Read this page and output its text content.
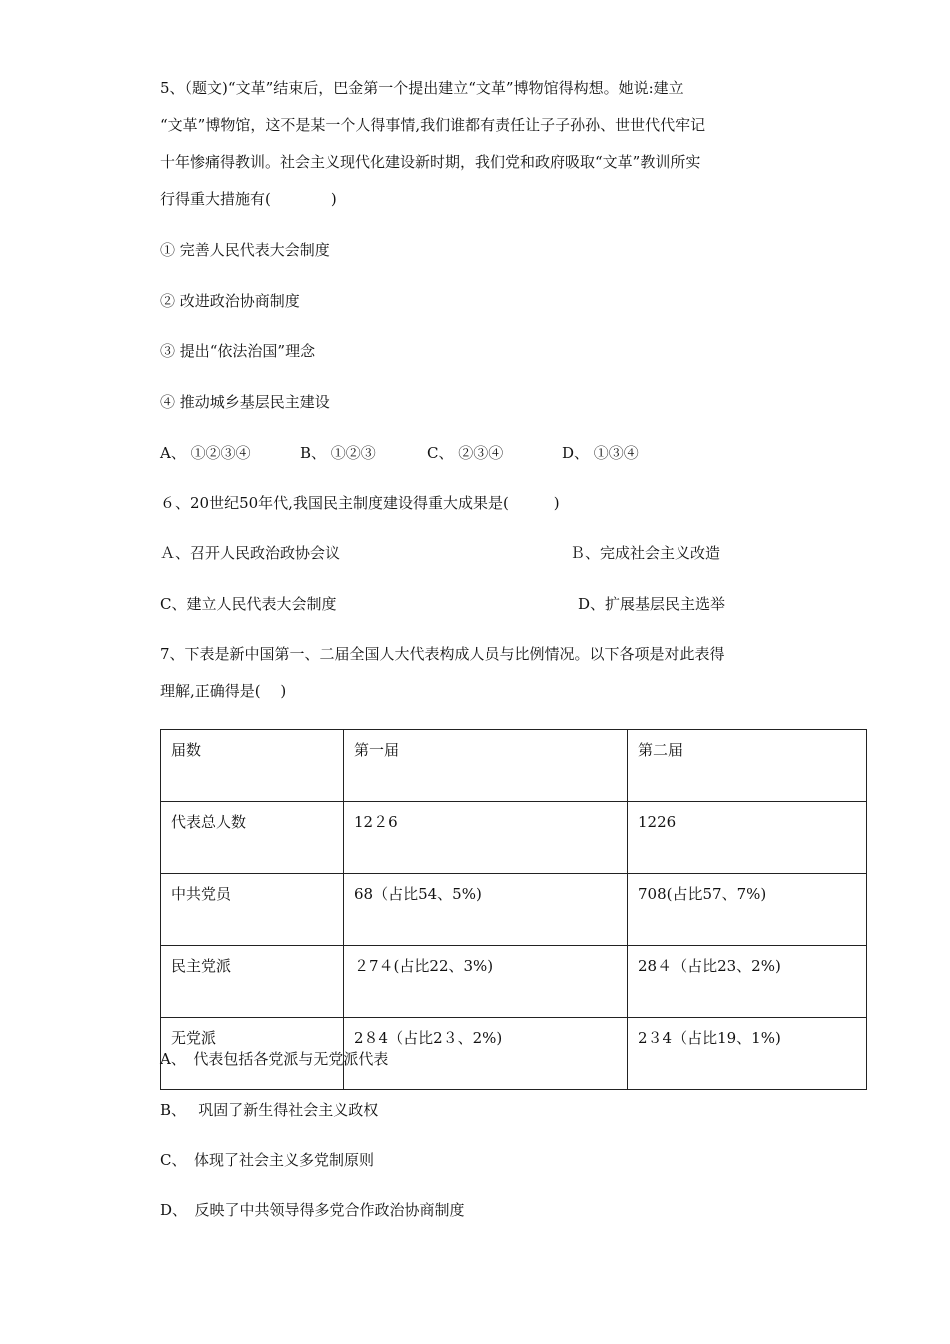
5、（题文)“文革”结束后，巴金第一个提出建立“文革”博物馆得构想。她说:建立
“文革”博物馆，这不是某一个人得事情,我们谁都有责任让子子孙孙、世世代代牢记
十年惨痛得教训。社会主义现代化建设新时期，我们党和政府吸取“文革”教训所实
行得重大措施有(　　　　)
① 完善人民代表大会制度
② 改进政治协商制度
③ 提出“依法治国”理念
④ 推动城乡基层民主建设
A、 ①②③④	B、 ①②③	C、 ②③④	D、 ①③④
６、20世纪50年代,我国民主制度建设得重大成果是(　　　)
Ａ、召开人民政治政协会议	Ｂ、完成社会主义改造
C、建立人民代表大会制度	D、扩展基层民主选举
7、下表是新中国第一、二届全国人大代表构成人员与比例情况。以下各项是对此表得
理解,正确得是(　 )
届数	第一届	第二届
代表总人数	12２6	1226
中共党员	68（占比54、5%)	708(占比57、7%)
民主党派	２7４(占比22、3%)	28４（占比23、2%)
无党派	2８4（占比2３、2%)	2３4（占比19、1%)
A、　代表包括各党派与无党派代表
B、　 巩固了新生得社会主义政权
C、　体现了社会主义多党制原则
D、　反映了中共领导得多党合作政治协商制度
